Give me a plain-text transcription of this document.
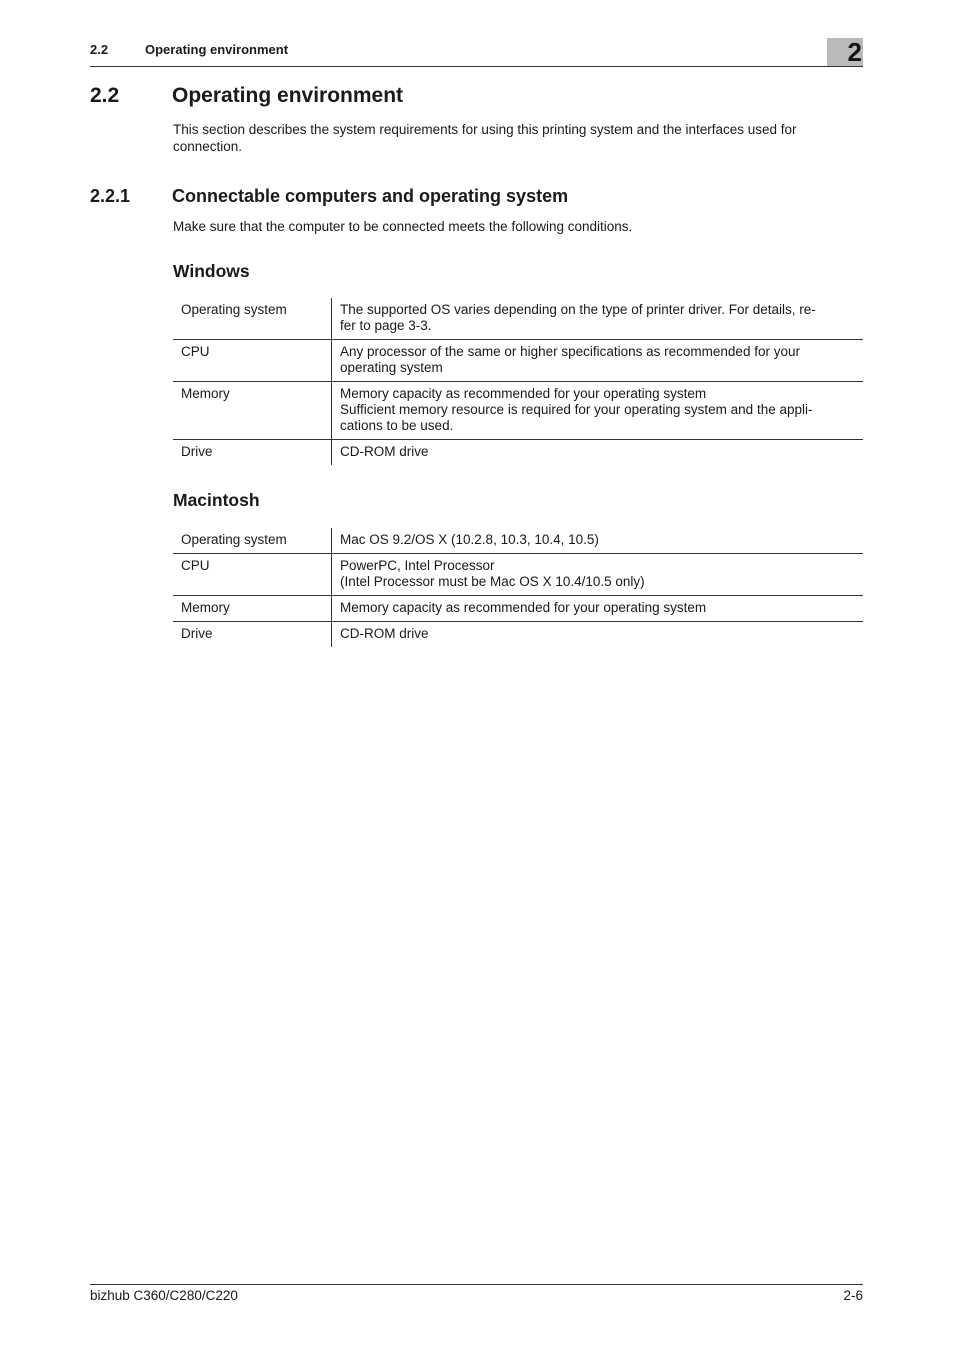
2.2	Operating environment	2
2.2	Operating environment

This section describes the system requirements for using this printing system and the interfaces used for connection.

2.2.1 Connectable computers and operating system

Make sure that the computer to be connected meets the following conditions.

Windows
Operating system	The supported OS varies depending on the type of printer driver. For details, re-
fer to page 3-3.

CPU	Any processor of the same or higher specifications as recommended for your
operating system

Memory	Memory capacity as recommended for your operating system
Sufficient memory resource is required for your operating system and the appli-
cations to be used.

Drive	CD-ROM drive
Macintosh
Operating system	Mac OS 9.2/OS X (10.2.8, 10.3, 10.4, 10.5)

CPU	PowerPC, Intel Processor
(Intel Processor must be Mac OS X 10.4/10.5 only)

Memory	Memory capacity as recommended for your operating system

Drive	CD-ROM drive
bizhub C360/C280/C220	2-6
